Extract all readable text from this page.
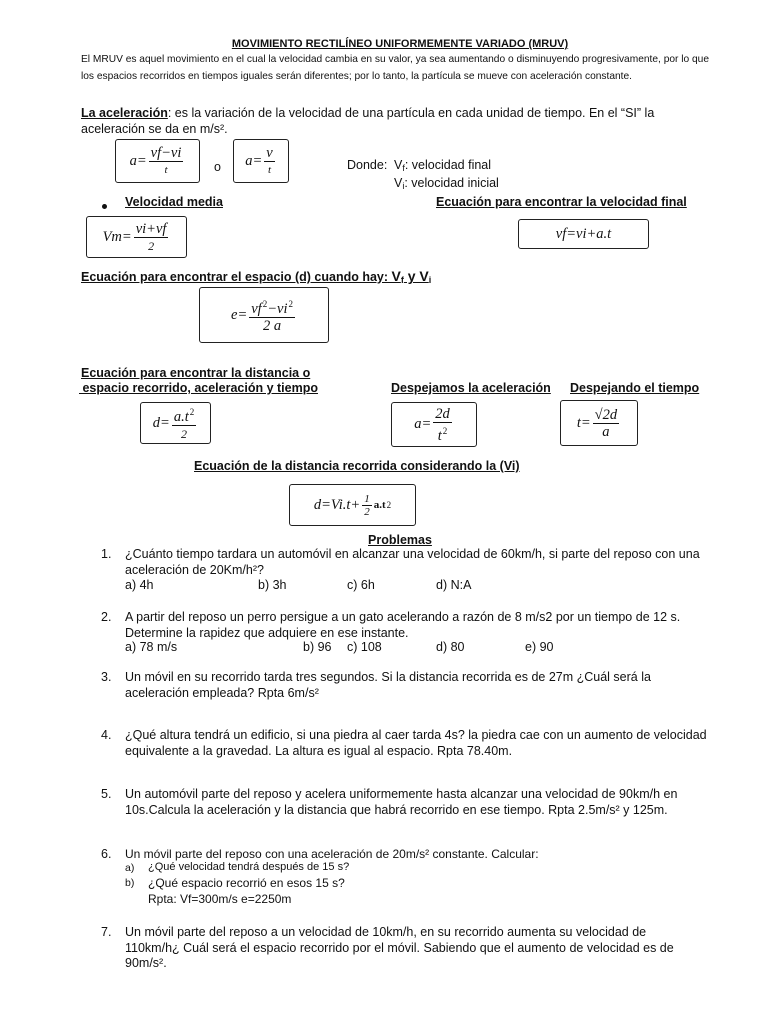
MOVIMIENTO RECTILÍNEO UNIFORMEMENTE VARIADO (MRUV)
El MRUV es aquel movimiento en el cual la velocidad cambia en su valor, ya sea aumentando o disminuyendo progresivamente, por lo que
los espacios recorridos en tiempos iguales serán diferentes; por lo tanto, la partícula se mueve con aceleración constante.
La aceleración: es la variación de la velocidad de una partícula en cada unidad de tiempo. En el “SI” la
aceleración se da en m/s².
$a= \frac{vf-vi}{t}$ o $a= \frac{v}{t}$	Donde: $V_f$: velocidad final
$V_i$: velocidad inicial
Velocidad media	Ecuación para encontrar la velocidad final
$Vm= \frac{vi+vf}{2}$	vf=vi+a.t
Ecuación para encontrar el espacio (d) cuando hay: $V_f$ y $V_i$
$e= \frac{vf^2-vi^2}{2 a}$
Ecuación para encontrar la distancia o
espacio recorrido, aceleración y tiempo	Despejamos la aceleración Despejando el tiempo
$d= \frac{a.t^2}{2}$	$a= \frac{2d}{t^2}$	$t= \frac{√2d}{a}$
Ecuación de la distancia recorrida considerando la (Vi)
$d=Vi.t+ \frac{1}{2} a.t$ 2
Problemas
1. ¿Cuánto tiempo tardara un automóvil en alcanzar una velocidad de 60km/h, si parte del reposo con una
aceleración de 20Km/h²?
a) 4h	b) 3h	c) 6h	d) N:A
2. A partir del reposo un perro persigue a un gato acelerando a razón de 8 m/s2 por un tiempo de 12 s.
Determine la rapidez que adquiere en ese instante.
a) 78 m/s	b) 96 c) 108	d) 80	e) 90
3. Un móvil en su recorrido tarda tres segundos. Si la distancia recorrida es de 27m ¿Cuál será la
aceleración empleada? Rpta 6m/s²
4. ¿Qué altura tendrá un edificio, si una piedra al caer tarda 4s? la piedra cae con un aumento de velocidad
equivalente a la gravedad. La altura es igual al espacio. Rpta 78.40m.
5. Un automóvil parte del reposo y acelera uniformemente hasta alcanzar una velocidad de 90km/h en
10s.Calcula la aceleración y la distancia que habrá recorrido en ese tiempo. Rpta 2.5m/s² y 125m.
6. Un móvil parte del reposo con una aceleración de 20m/s² constante. Calcular:
a) ¿Qué velocidad tendrá después de 15 s?
b) ¿Qué espacio recorrió en esos 15 s?
Rpta: Vf=300m/s e=2250m
7. Un móvil parte del reposo a un velocidad de 10km/h, en su recorrido aumenta su velocidad de
110km/h¿ Cuál será el espacio recorrido por el móvil. Sabiendo que el aumento de velocidad es de
90m/s².
